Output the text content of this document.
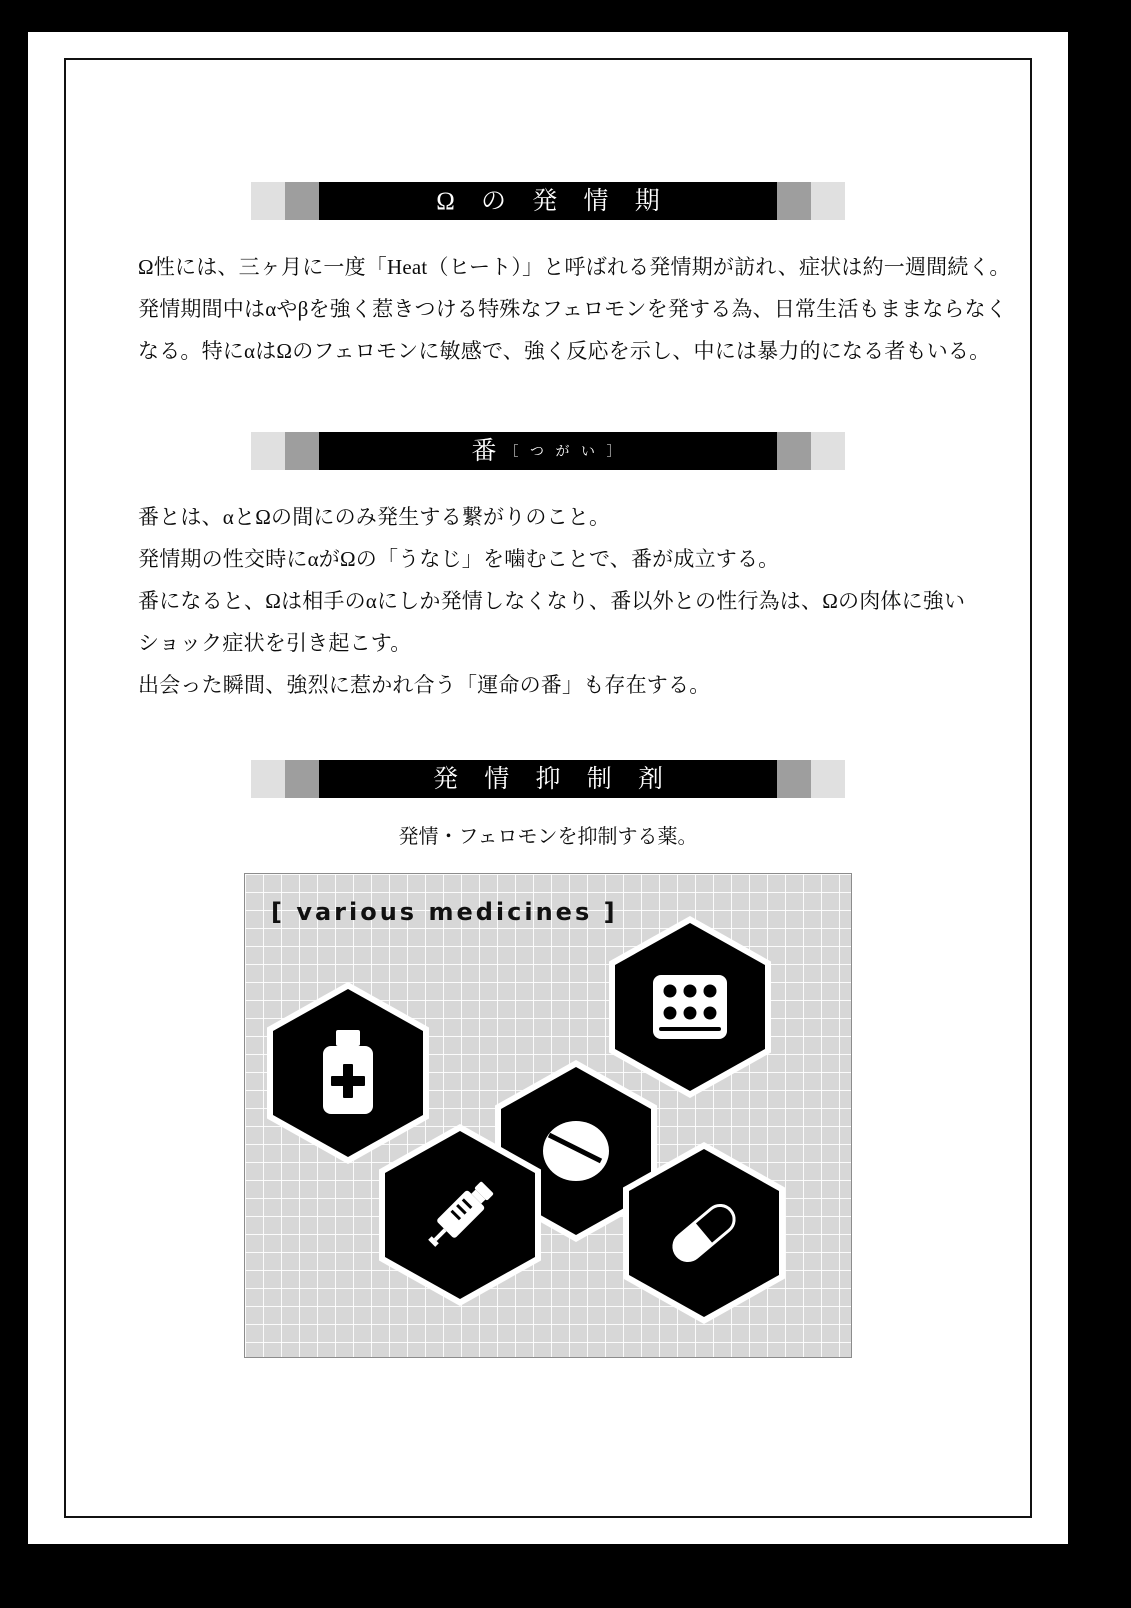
Ω の 発 情 期
Ω性には、三ヶ月に一度「Heat（ヒート）」と呼ばれる発情期が訪れ、症状は約一週間続く。
発情期間中はαやβを強く惹きつける特殊なフェロモンを発する為、日常生活もままならなく
なる。特にαはΩのフェロモンに敏感で、強く反応を示し、中には暴力的になる者もいる。
番 ［ つ が い ］
番とは、αとΩの間にのみ発生する繋がりのこと。
発情期の性交時にαがΩの「うなじ」を噛むことで、番が成立する。
番になると、Ωは相手のαにしか発情しなくなり、番以外との性行為は、Ωの肉体に強い
ショック症状を引き起こす。
出会った瞬間、強烈に惹かれ合う「運命の番」も存在する。
発 情 抑 制 剤
発情・フェロモンを抑制する薬。
[ various medicines ]
